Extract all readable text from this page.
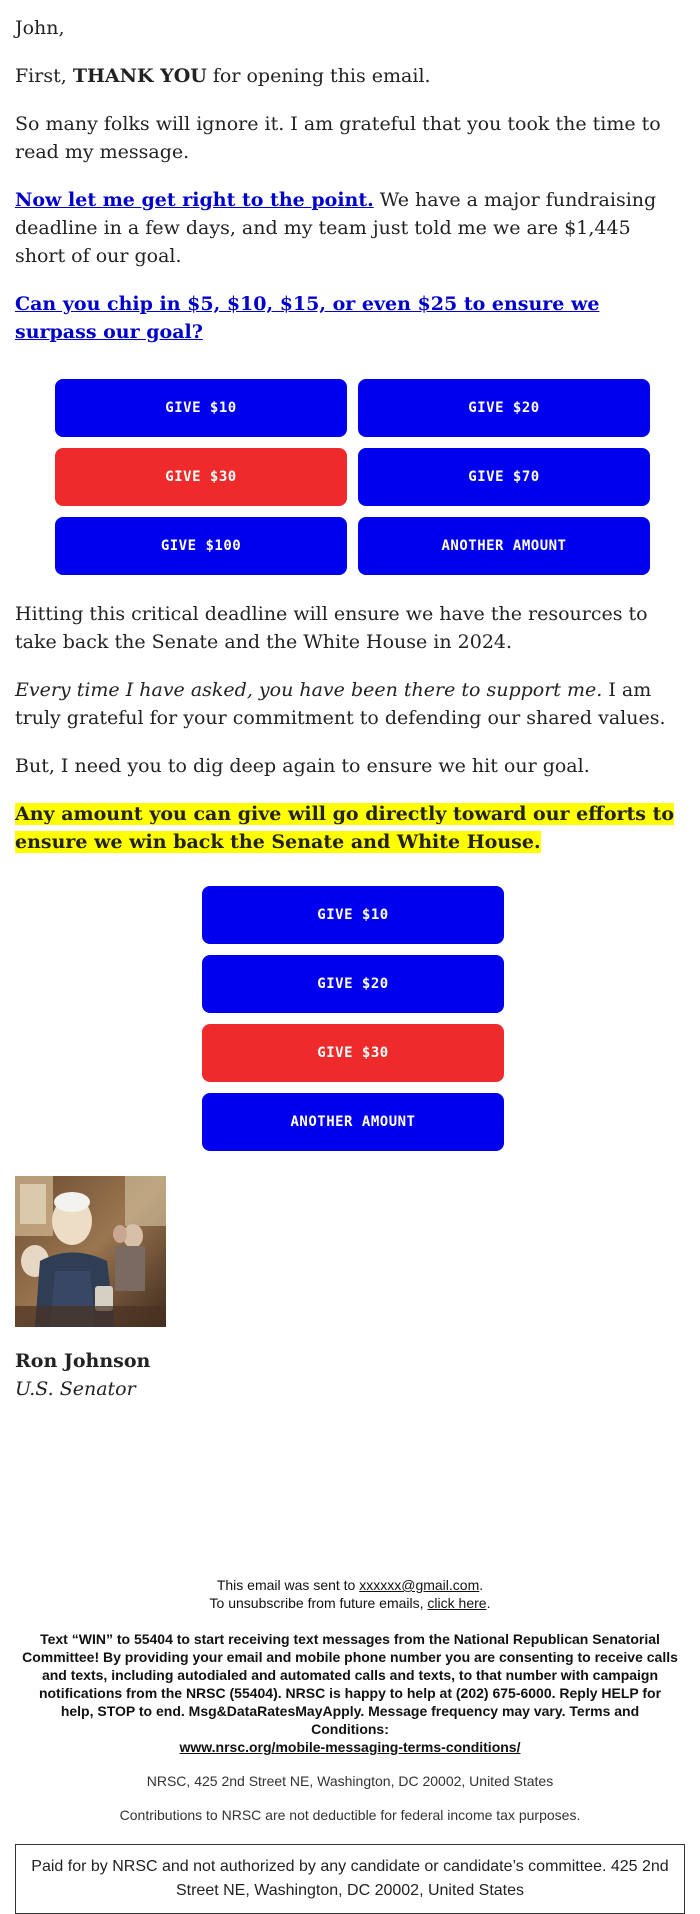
John,

First, THANK YOU for opening this email.

So many folks will ignore it. I am grateful that you took the time to read my message.

Now let me get right to the point. We have a major fundraising deadline in a few days, and my team just told me we are $1,445 short of our goal.

Can you chip in $5, $10, $15, or even $25 to ensure we surpass our goal?

GIVE $10	GIVE $20
GIVE $30	GIVE $70
GIVE $100	ANOTHER AMOUNT

Hitting this critical deadline will ensure we have the resources to take back the Senate and the White House in 2024.

Every time I have asked, you have been there to support me. I am truly grateful for your commitment to defending our shared values.

But, I need you to dig deep again to ensure we hit our goal.

Any amount you can give will go directly toward our efforts to ensure we win back the Senate and White House.

GIVE $10
GIVE $20
GIVE $30
ANOTHER AMOUNT

Ron Johnson

U.S. Senator

This email was sent to xxxxxx@gmail.com.
To unsubscribe from future emails, click here.
Text “WIN” to 55404 to start receiving text messages from the National Republican Senatorial Committee! By providing your email and mobile phone number you are consenting to receive calls and texts, including autodialed and automated calls and texts, to that number with campaign notifications from the NRSC (55404). NRSC is happy to help at (202) 675-6000. Reply HELP for help, STOP to end. Msg&DataRatesMayApply. Message frequency may vary. Terms and Conditions:
www.nrsc.org/mobile-messaging-terms-conditions/
NRSC, 425 2nd Street NE, Washington, DC 20002, United States
Contributions to NRSC are not deductible for federal income tax purposes.
Paid for by NRSC and not authorized by any candidate or candidate’s committee. 425 2nd Street NE, Washington, DC 20002, United States
